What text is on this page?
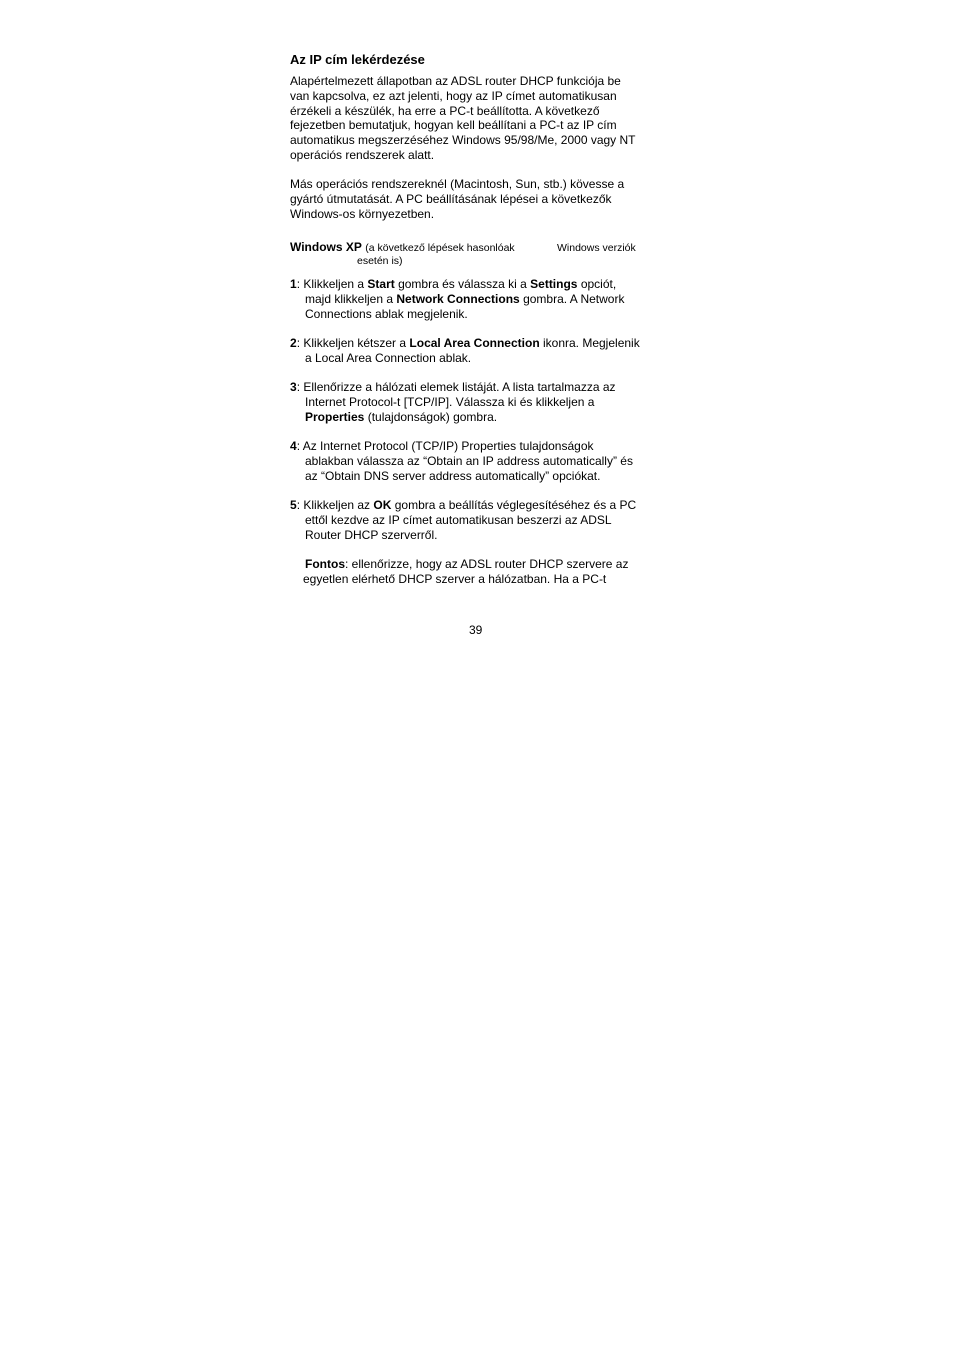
Az IP cím lekérdezése
Alapértelmezett állapotban az ADSL router DHCP funkciója be
van kapcsolva, ez azt jelenti, hogy az IP címet automatikusan
érzékeli a készülék, ha erre a PC-t beállította. A következő
fejezetben bemutatjuk, hogyan kell beállítani a PC-t az IP cím
automatikus megszerzéséhez Windows 95/98/Me, 2000 vagy NT
operációs rendszerek alatt.
Más operációs rendszereknél (Macintosh, Sun, stb.) kövesse a
gyártó útmutatását. A PC beállításának lépései a következők
Windows-os környezetben.
Windows XP (a következő lépések hasonlóak	Windows verziók
esetén is)
1: Klikkeljen a Start gombra és válassza ki a Settings opciót,
majd klikkeljen a Network Connections gombra. A Network
Connections ablak megjelenik.
2: Klikkeljen kétszer a Local Area Connection ikonra. Megjelenik
a Local Area Connection ablak.
3: Ellenőrizze a hálózati elemek listáját. A lista tartalmazza az
Internet Protocol-t [TCP/IP]. Válassza ki és klikkeljen a
Properties (tulajdonságok) gombra.
4: Az Internet Protocol (TCP/IP) Properties tulajdonságok
ablakban válassza az “Obtain an IP address automatically” és
az “Obtain DNS server address automatically” opciókat.
5: Klikkeljen az OK gombra a beállítás véglegesítéséhez és a PC
ettől kezdve az IP címet automatikusan beszerzi az ADSL
Router DHCP szerverről.
Fontos: ellenőrizze, hogy az ADSL router DHCP szervere az
egyetlen elérhető DHCP szerver a hálózatban. Ha a PC-t
39
